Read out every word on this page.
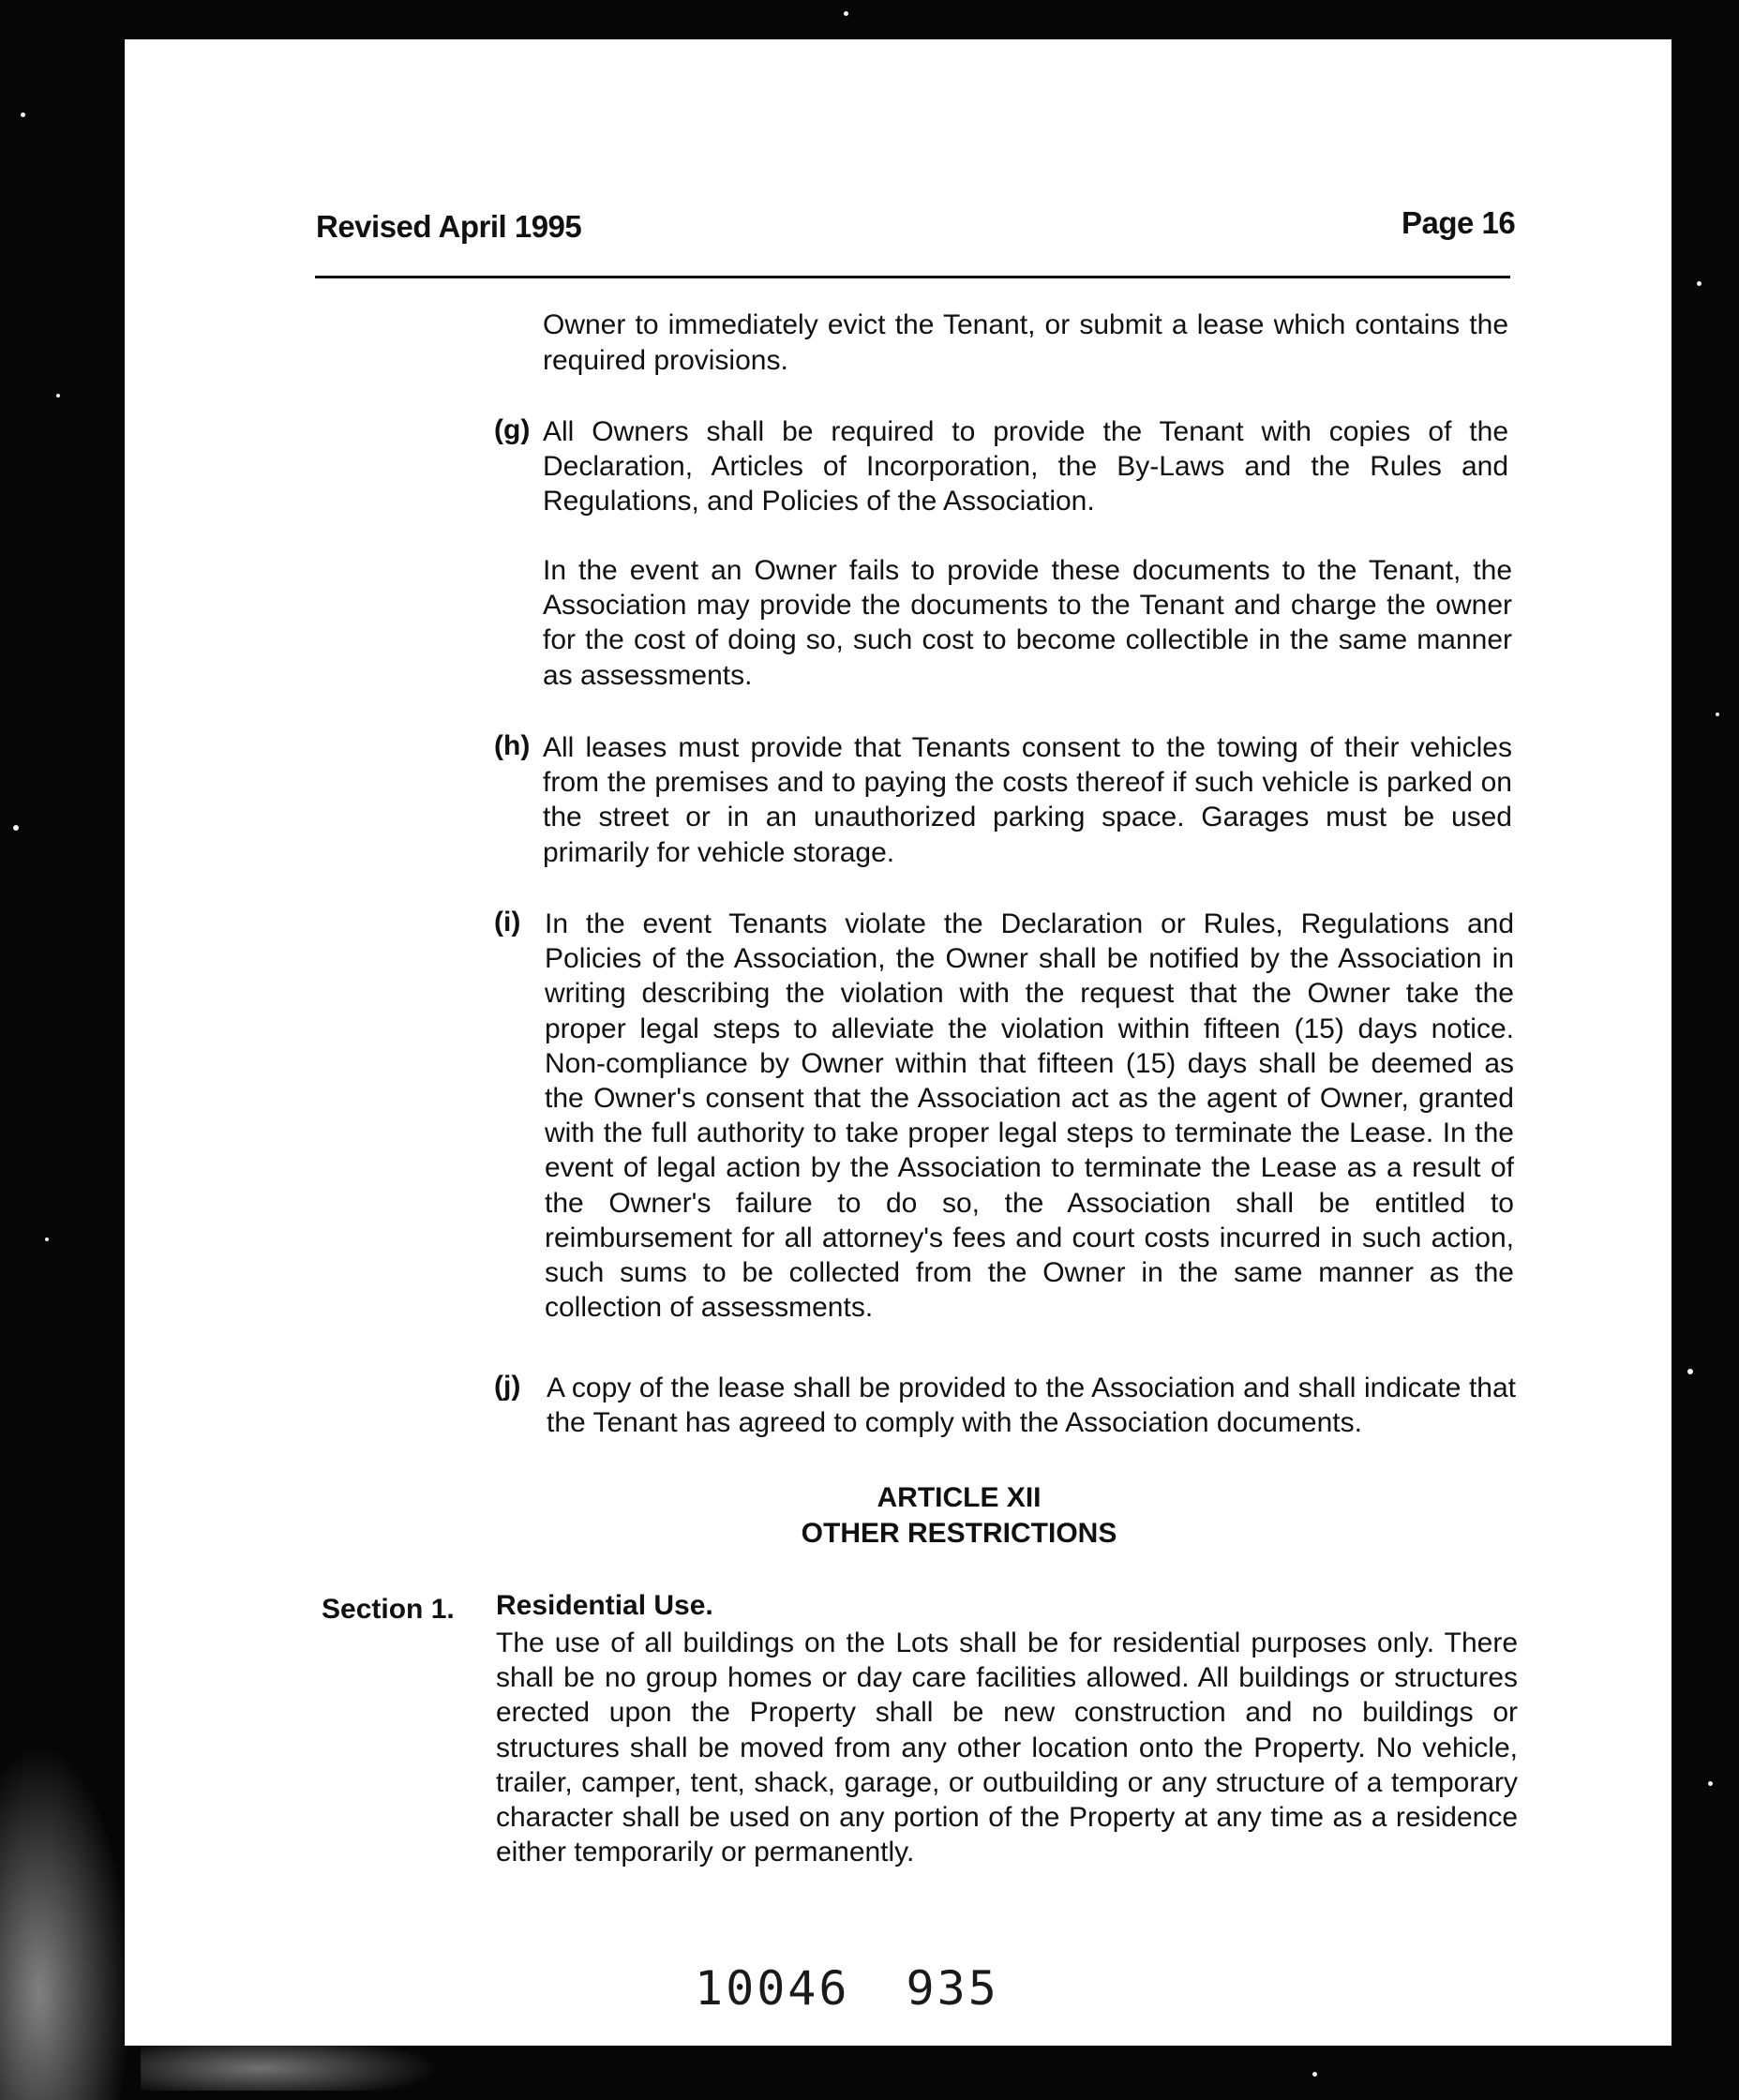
Revised April 1995	Page 16

Owner to immediately evict the Tenant, or submit a lease which contains the required provisions.

(g) All Owners shall be required to provide the Tenant with copies of the Declaration, Articles of Incorporation, the By-Laws and the Rules and Regulations, and Policies of the Association.

In the event an Owner fails to provide these documents to the Tenant, the Association may provide the documents to the Tenant and charge the owner for the cost of doing so, such cost to become collectible in the same manner as assessments.

(h) All leases must provide that Tenants consent to the towing of their vehicles from the premises and to paying the costs thereof if such vehicle is parked on the street or in an unauthorized parking space. Garages must be used primarily for vehicle storage.

(i) In the event Tenants violate the Declaration or Rules, Regulations and Policies of the Association, the Owner shall be notified by the Association in writing describing the violation with the request that the Owner take the proper legal steps to alleviate the violation within fifteen (15) days notice. Non-compliance by Owner within that fifteen (15) days shall be deemed as the Owner's consent that the Association act as the agent of Owner, granted with the full authority to take proper legal steps to terminate the Lease. In the event of legal action by the Association to terminate the Lease as a result of the Owner's failure to do so, the Association shall be entitled to reimbursement for all attorney's fees and court costs incurred in such action, such sums to be collected from the Owner in the same manner as the collection of assessments.

(j) A copy of the lease shall be provided to the Association and shall indicate that the Tenant has agreed to comply with the Association documents.

ARTICLE XII
OTHER RESTRICTIONS
Section 1. Residential Use.

The use of all buildings on the Lots shall be for residential purposes only. There shall be no group homes or day care facilities allowed. All buildings or structures erected upon the Property shall be new construction and no buildings or structures shall be moved from any other location onto the Property. No vehicle, trailer, camper, tent, shack, garage, or outbuilding or any structure of a temporary character shall be used on any portion of the Property at any time as a residence either temporarily or permanently.

10046 935
